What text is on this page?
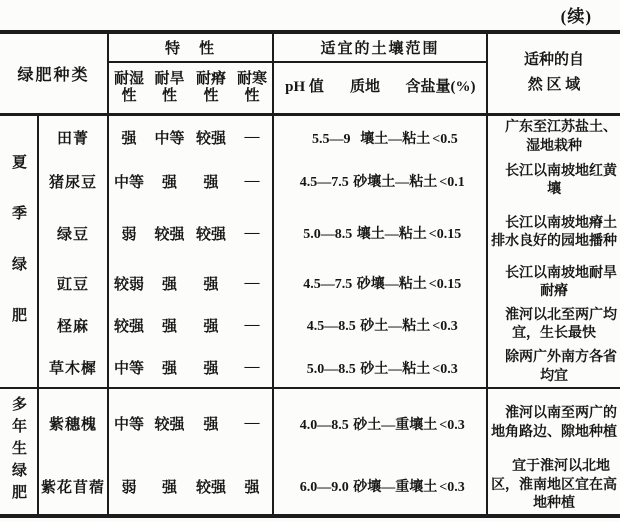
(续)
绿肥种类		特　性				适宜的土壤范围			适种的自
然 区 域

		耐湿性	耐旱性	耐瘠性	耐寒性	pH 值	质地	含盐量(%)	
夏季绿肥	田菁	强	中等	较强	—	5.5—9 壤土—粘土 <0.5			广东至江苏盐土、湿地栽种
	猪尿豆	中等	强	强	—	4.5—7.5 砂壤土—粘土 <0.1			长江以南坡地红黄壤
	绿豆	弱	较强	较强	—	5.0—8.5 壤土—粘土 <0.15			长江以南坡地瘠土排水良好的园地播种
	豇豆	较弱	强	强	—	4.5—7.5 砂壤—粘土 <0.15			长江以南坡地耐旱耐瘠
	柽麻	较强	强	强	—	4.5—8.5 砂土—粘土 <0.3			淮河以北至两广均宜，生长最快
	草木樨	中等	强	强	—	5.0—8.5 砂土—粘土 <0.3			除两广外南方各省均宜
多年生绿肥	紫穗槐	中等	较强	强	—	4.0—8.5 砂土—重壤土 <0.3			淮河以南至两广的地角路边、隙地种植
	紫花苜蓿	弱	强	较强	强	6.0—9.0 砂壤—重壤土 <0.3			宜于淮河以北地区，淮南地区宜在高地种植
